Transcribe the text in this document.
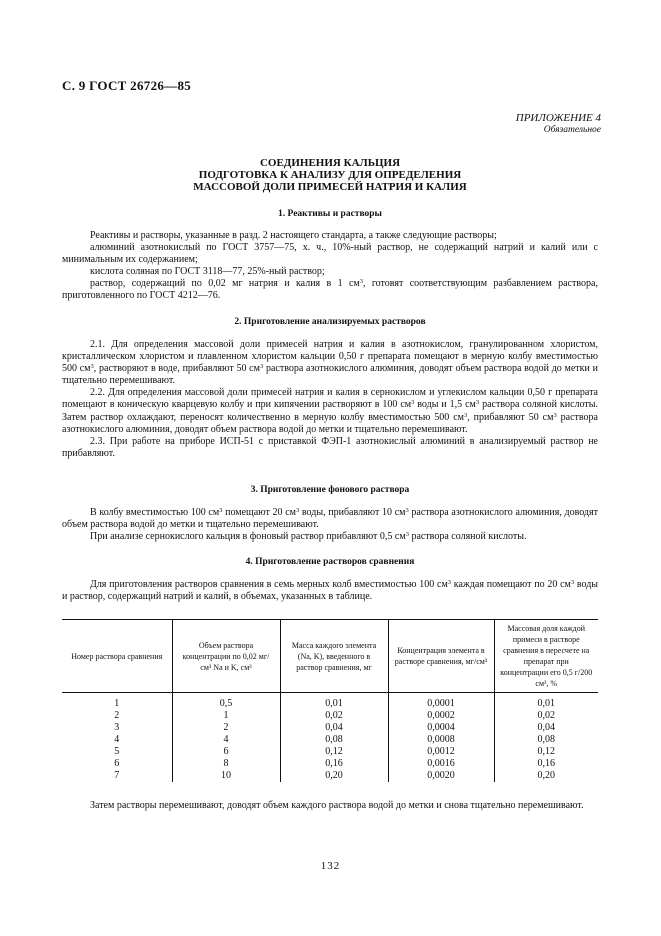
С. 9 ГОСТ 26726—85
ПРИЛОЖЕНИЕ 4
Обязательное
СОЕДИНЕНИЯ КАЛЬЦИЯ
ПОДГОТОВКА К АНАЛИЗУ ДЛЯ ОПРЕДЕЛЕНИЯ
МАССОВОЙ ДОЛИ ПРИМЕСЕЙ НАТРИЯ И КАЛИЯ
1. Реактивы и растворы

Реактивы и растворы, указанные в разд. 2 настоящего стандарта, а также следующие растворы;

алюминий азотнокислый по ГОСТ 3757—75, х. ч., 10%-ный раствор, не содержащий натрий и калий или с минимальным их содержанием;

кислота соляная по ГОСТ 3118—77, 25%-ный раствор;

раствор, содержащий по 0,02 мг натрия и калия в 1 $см^3$, готовят соответствующим разбавлением раствора, приготовленного по ГОСТ 4212—76.

2. Приготовление анализируемых растворов

2.1. Для определения массовой доли примесей натрия и калия в азотнокислом, гранулированном хлористом, кристаллическом хлористом и плавленном хлористом кальции 0,50 г препарата помещают в мерную колбу вместимостью 500 $см^3$, растворяют в воде, прибавляют 50 $см^3$ раствора азотнокислого алюминия, доводят объем раствора водой до метки и тщательно перемешивают.

2.2. Для определения массовой доли примесей натрия и калия в сернокислом и углекислом кальции 0,50 г препарата помещают в коническую кварцевую колбу и при кипячении растворяют в 100 $см^3$ воды и 1,5 $см^3$ раствора соляной кислоты. Затем раствор охлаждают, переносят количественно в мерную колбу вместимостью 500 $см^3$, прибавляют 50 $см^3$ раствора азотнокислого алюминия, доводят объем раствора водой до метки и тщательно перемешивают.

2.3. При работе на приборе ИСП-51 с приставкой ФЭП-1 азотнокислый алюминий в анализируемый раствор не прибавляют.

3. Приготовление фонового раствора

В колбу вместимостью 100 $см^3$ помещают 20 $см^3$ воды, прибавляют 10 $см^3$ раствора азотнокислого алюминия, доводят объем раствора водой до метки и тщательно перемешивают.

При анализе сернокислого кальция в фоновый раствор прибавляют 0,5 $см^3$ раствора соляной кислоты.

4. Приготовление растворов сравнения

Для приготовления растворов сравнения в семь мерных колб вместимостью 100 $см^3$ каждая помещают по 20 $см^3$ воды и раствор, содержащий натрий и калий, в объемах, указанных в таблице.

Номер раствора сравнения	Объем раствора концентрации по 0,02 мг/см³ Na и K, см³	Масса каждого элемента (Na, K), введенного в раствор сравнения, мг	Концентрация элемента в растворе сравнения, мг/см³	Массовая доля каждой примеси в растворе сравнения в пересчете на препарат при концентрации его 0,5 г/200 см³, %
1	0,5	0,01	0,0001	0,01
2	1	0,02	0,0002	0,02
3	2	0,04	0,0004	0,04
4	4	0,08	0,0008	0,08
5	6	0,12	0,0012	0,12
6	8	0,16	0,0016	0,16
7	10	0,20	0,0020	0,20

Затем растворы перемешивают, доводят объем каждого раствора водой до метки и снова тщательно перемешивают.

132
